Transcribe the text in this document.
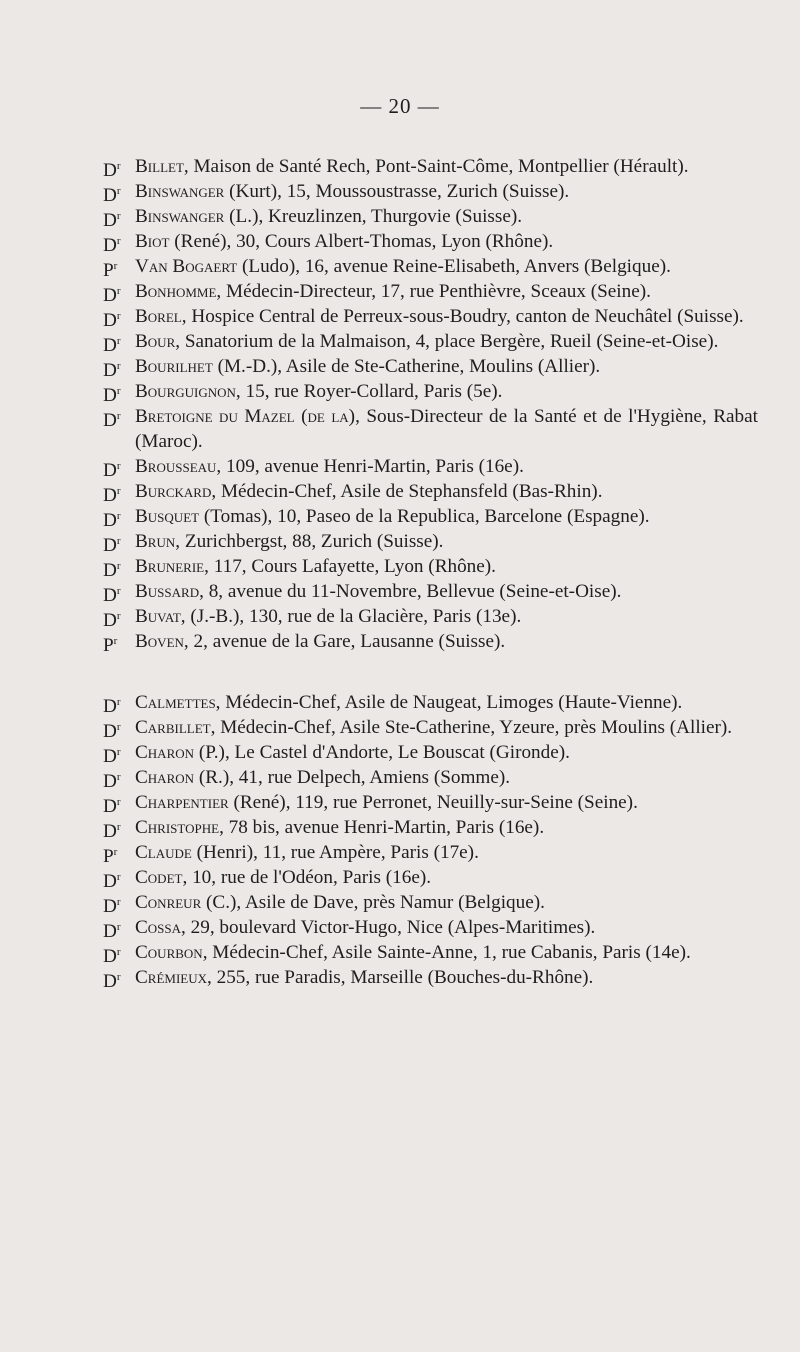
— 20 —
$D^r$ Billet, Maison de Santé Rech, Pont-Saint-Côme, Montpellier (Hérault).
$D^r$ Binswanger (Kurt), 15, Moussoustrasse, Zurich (Suisse).
$D^r$ Binswanger (L.), Kreuzlinzen, Thurgovie (Suisse).
$D^r$ Biot (René), 30, Cours Albert-Thomas, Lyon (Rhône).
$P^r$ Van Bogaert (Ludo), 16, avenue Reine-Elisabeth, Anvers (Belgique).
$D^r$ Bonhomme, Médecin-Directeur, 17, rue Penthièvre, Sceaux (Seine).
$D^r$ Borel, Hospice Central de Perreux-sous-Boudry, canton de Neuchâtel (Suisse).
$D^r$ Bour, Sanatorium de la Malmaison, 4, place Bergère, Rueil (Seine-et-Oise).
$D^r$ Bourilhet (M.-D.), Asile de Ste-Catherine, Moulins (Allier).
$D^r$ Bourguignon, 15, rue Royer-Collard, Paris (5e).
$D^r$ Bretoigne du Mazel (de la), Sous-Directeur de la Santé et de l'Hygiène, Rabat (Maroc).
$D^r$ Brousseau, 109, avenue Henri-Martin, Paris (16e).
$D^r$ Burckard, Médecin-Chef, Asile de Stephansfeld (Bas-Rhin).
$D^r$ Busquet (Tomas), 10, Paseo de la Republica, Barcelone (Espagne).
$D^r$ Brun, Zurichbergst, 88, Zurich (Suisse).
$D^r$ Brunerie, 117, Cours Lafayette, Lyon (Rhône).
$D^r$ Bussard, 8, avenue du 11-Novembre, Bellevue (Seine-et-Oise).
$D^r$ Buvat, (J.-B.), 130, rue de la Glacière, Paris (13e).
$P^r$ Boven, 2, avenue de la Gare, Lausanne (Suisse).
$D^r$ Calmettes, Médecin-Chef, Asile de Naugeat, Limoges (Haute-Vienne).
$D^r$ Carbillet, Médecin-Chef, Asile Ste-Catherine, Yzeure, près Moulins (Allier).
$D^r$ Charon (P.), Le Castel d'Andorte, Le Bouscat (Gironde).
$D^r$ Charon (R.), 41, rue Delpech, Amiens (Somme).
$D^r$ Charpentier (René), 119, rue Perronet, Neuilly-sur-Seine (Seine).
$D^r$ Christophe, 78 bis, avenue Henri-Martin, Paris (16e).
$P^r$ Claude (Henri), 11, rue Ampère, Paris (17e).
$D^r$ Codet, 10, rue de l'Odéon, Paris (16e).
$D^r$ Conreur (C.), Asile de Dave, près Namur (Belgique).
$D^r$ Cossa, 29, boulevard Victor-Hugo, Nice (Alpes-Maritimes).
$D^r$ Courbon, Médecin-Chef, Asile Sainte-Anne, 1, rue Cabanis, Paris (14e).
$D^r$ Crémieux, 255, rue Paradis, Marseille (Bouches-du-Rhône).
